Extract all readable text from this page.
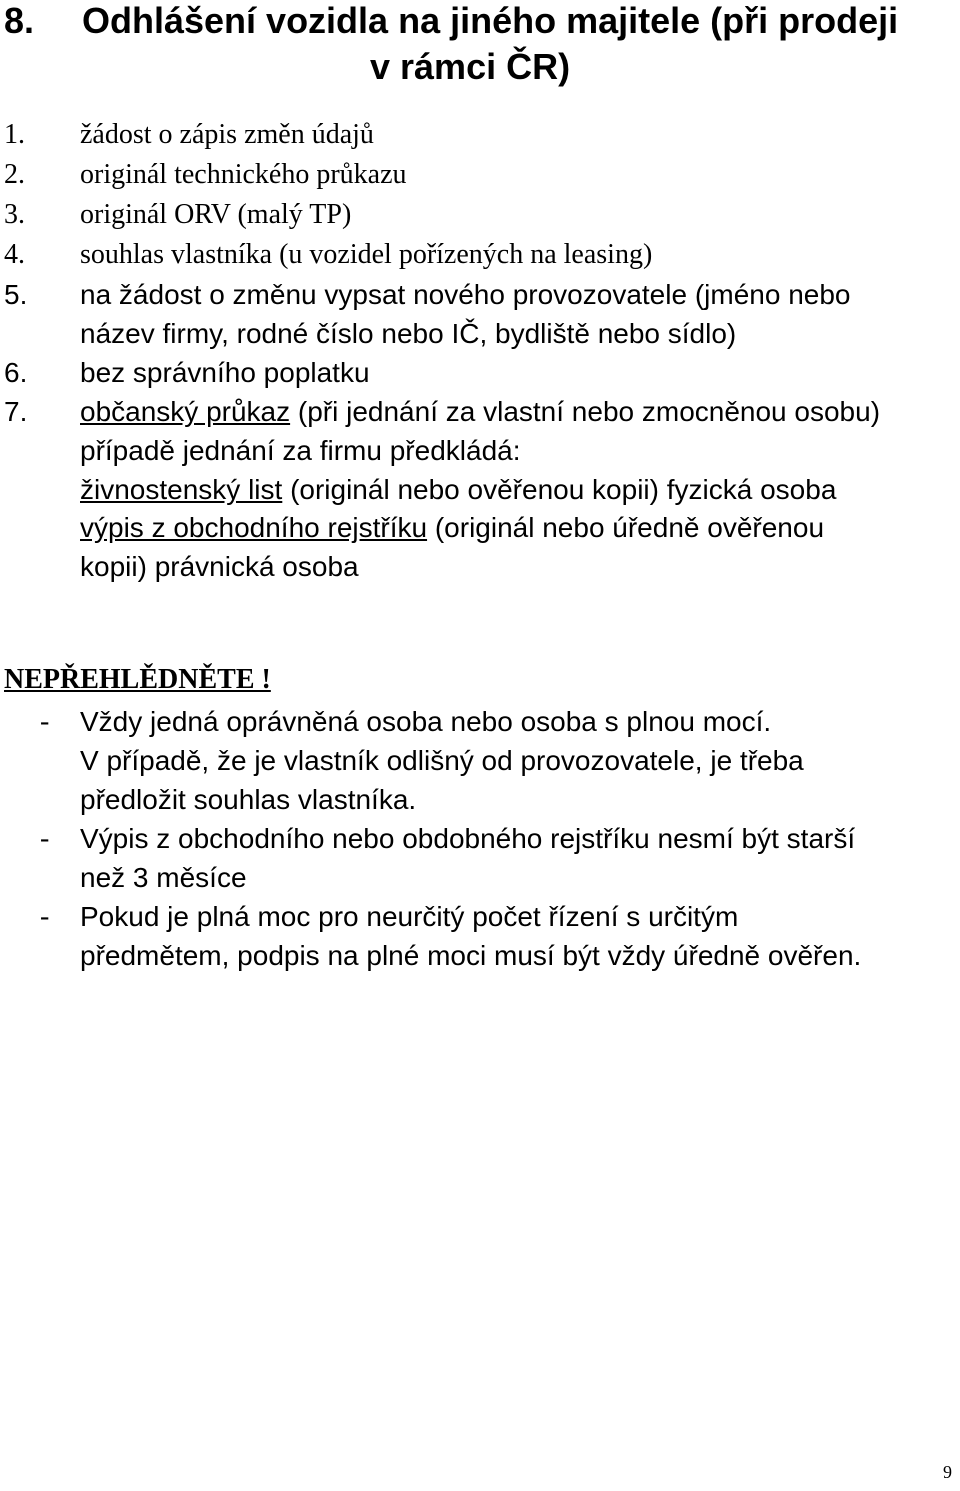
8. Odhlášení vozidla na jiného majitele (při prodeji
v rámci ČR)
1. žádost o zápis změn údajů
2. originál technického průkazu
3. originál ORV (malý TP)
4. souhlas vlastníka (u vozidel pořízených na leasing)
5. na žádost o změnu vypsat nového provozovatele (jméno nebo
název firmy, rodné číslo nebo IČ, bydliště nebo sídlo)
6. bez správního poplatku
7. občanský průkaz (při jednání za vlastní nebo zmocněnou osobu)
případě jednání za firmu předkládá:
živnostenský list (originál nebo ověřenou kopii) fyzická osoba
výpis z obchodního rejstříku (originál nebo úředně ověřenou
kopii) právnická osoba
NEPŘEHLĚDNĚTE !
- Vždy jedná oprávněná osoba nebo osoba s plnou mocí.
V případě, že je vlastník odlišný od provozovatele, je třeba
předložit souhlas vlastníka.
- Výpis z obchodního nebo obdobného rejstříku nesmí být starší
než 3 měsíce
- Pokud je plná moc pro neurčitý počet řízení s určitým
předmětem, podpis na plné moci musí být vždy úředně ověřen.
9
